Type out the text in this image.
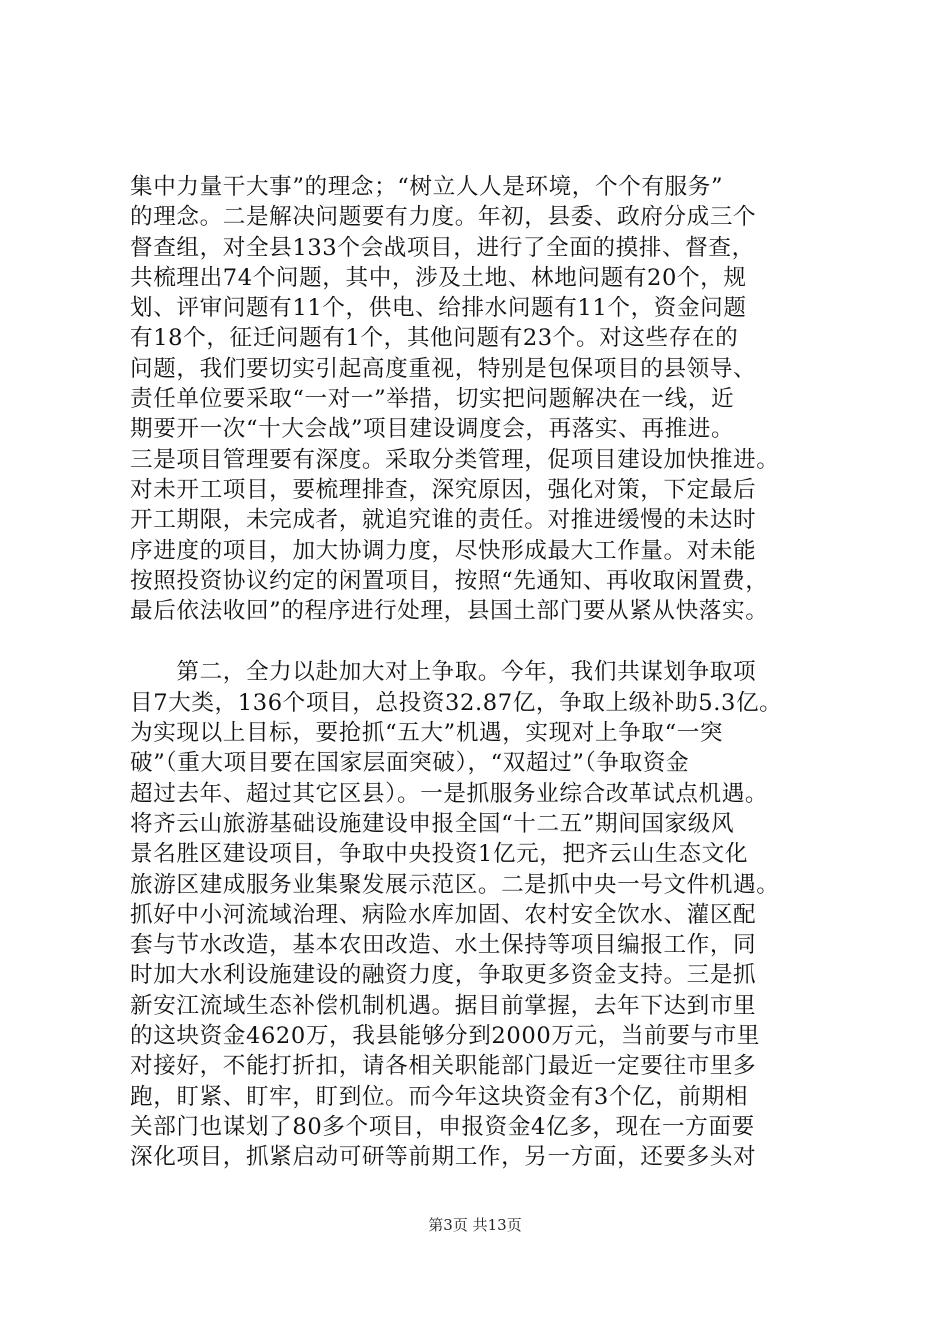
集中力量干大事”的理念；“树立人人是环境，个个有服务”
的理念。二是解决问题要有力度。年初，县委、政府分成三个
督查组，对全县133个会战项目，进行了全面的摸排、督查，
共梳理出74个问题，其中，涉及土地、林地问题有20个，规
划、评审问题有11个，供电、给排水问题有11个，资金问题
有18个，征迁问题有1个，其他问题有23个。对这些存在的
问题，我们要切实引起高度重视，特别是包保项目的县领导、
责任单位要采取“一对一”举措，切实把问题解决在一线，近
期要开一次“十大会战”项目建设调度会，再落实、再推进。
三是项目管理要有深度。采取分类管理，促项目建设加快推进。
对未开工项目，要梳理排查，深究原因，强化对策，下定最后
开工期限，未完成者，就追究谁的责任。对推进缓慢的未达时
序进度的项目，加大协调力度，尽快形成最大工作量。对未能
按照投资协议约定的闲置项目，按照“先通知、再收取闲置费，
最后依法收回”的程序进行处理，县国土部门要从紧从快落实。
　　第二，全力以赴加大对上争取。今年，我们共谋划争取项
目7大类，136个项目，总投资32.87亿，争取上级补助5.3亿。
为实现以上目标，要抢抓“五大”机遇，实现对上争取“一突
破”（重大项目要在国家层面突破），“双超过”（争取资金
超过去年、超过其它区县）。一是抓服务业综合改革试点机遇。
将齐云山旅游基础设施建设申报全国“十二五”期间国家级风
景名胜区建设项目，争取中央投资1亿元，把齐云山生态文化
旅游区建成服务业集聚发展示范区。二是抓中央一号文件机遇。
抓好中小河流域治理、病险水库加固、农村安全饮水、灌区配
套与节水改造，基本农田改造、水土保持等项目编报工作，同
时加大水利设施建设的融资力度，争取更多资金支持。三是抓
新安江流域生态补偿机制机遇。据目前掌握，去年下达到市里
的这块资金4620万，我县能够分到2000万元，当前要与市里
对接好，不能打折扣，请各相关职能部门最近一定要往市里多
跑，盯紧、盯牢，盯到位。而今年这块资金有3个亿，前期相
关部门也谋划了80多个项目，申报资金4亿多，现在一方面要
深化项目，抓紧启动可研等前期工作，另一方面，还要多头对
第3页 共13页
